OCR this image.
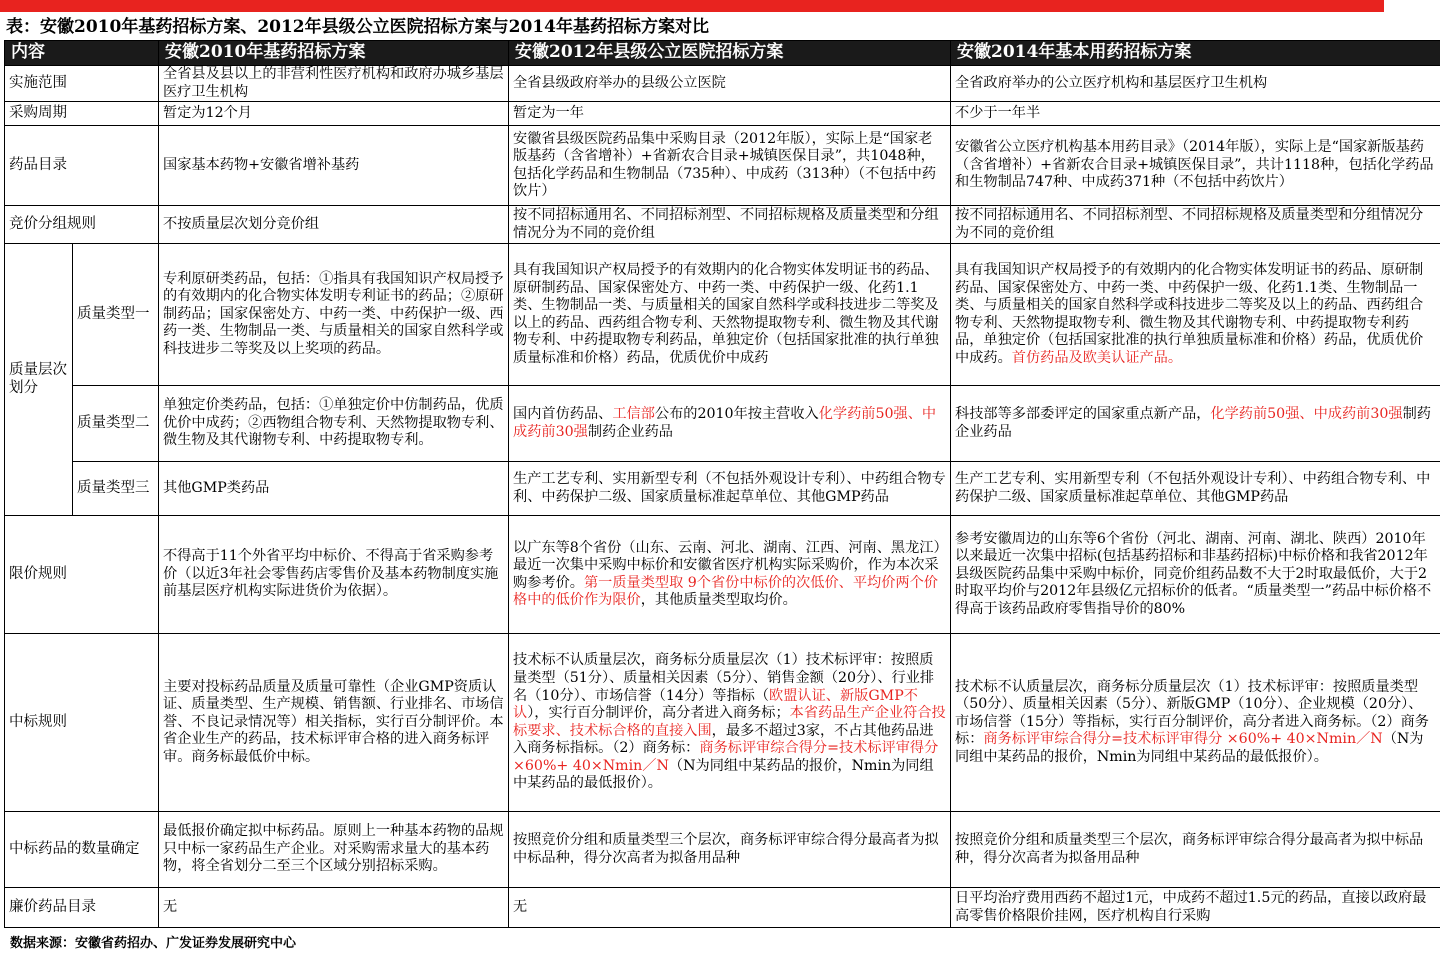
表：安徽2010年基药招标方案、2012年县级公立医院招标方案与2014年基药招标方案对比
内容		安徽2010年基药招标方案	安徽2012年县级公立医院招标方案	安徽2014年基本用药招标方案
实施范围		全省县及县以上的非营利性医疗机构和政府办城乡基层医疗卫生机构	全省县级政府举办的县级公立医院	全省政府举办的公立医疗机构和基层医疗卫生机构
采购周期		暂定为12个月	暂定为一年	不少于一年半
药品目录		国家基本药物+安徽省增补基药	安徽省县级医院药品集中采购目录（2012年版），实际上是“国家老版基药（含省增补）+省新农合目录+城镇医保目录”，共1048种，包括化学药品和生物制品（735种）、中成药（313种）（不包括中药饮片）	安徽省公立医疗机构基本用药目录》（2014年版），实际上是“国家新版基药（含省增补）+省新农合目录+城镇医保目录”，共计1118种，包括化学药品和生物制品747种、中成药371种（不包括中药饮片）
竞价分组规则		不按质量层次划分竞价组	按不同招标通用名、不同招标剂型、不同招标规格及质量类型和分组情况分为不同的竞价组	按不同招标通用名、不同招标剂型、不同招标规格及质量类型和分组情况分为不同的竞价组
质量层次划分	质量类型一	专利原研类药品，包括：①指具有我国知识产权局授予的有效期内的化合物实体发明专利证书的药品；②原研制药品；国家保密处方、中药一类、中药保护一级、西药一类、生物制品一类、与质量相关的国家自然科学或科技进步二等奖及以上奖项的药品。	具有我国知识产权局授予的有效期内的化合物实体发明证书的药品、原研制药品、国家保密处方、中药一类、中药保护一级、化药1.1类、生物制品一类、与质量相关的国家自然科学或科技进步二等奖及以上的药品、西药组合物专利、天然物提取物专利、微生物及其代谢物专利、中药提取物专利药品，单独定价（包括国家批准的执行单独质量标准和价格）药品，优质优价中成药	具有我国知识产权局授予的有效期内的化合物实体发明证书的药品、原研制药品、国家保密处方、中药一类、中药保护一级、化药1.1类、生物制品一类、与质量相关的国家自然科学或科技进步二等奖及以上的药品、西药组合物专利、天然物提取物专利、微生物及其代谢物专利、中药提取物专利药品，单独定价（包括国家批准的执行单独质量标准和价格）药品，优质优价中成药。首仿药品及欧美认证产品。
	质量类型二	单独定价类药品，包括：①单独定价中仿制药品，优质优价中成药；②西物组合物专利、天然物提取物专利、微生物及其代谢物专利、中药提取物专利。	国内首仿药品、工信部公布的2010年按主营收入化学药前50强、中成药前30强制药企业药品	科技部等多部委评定的国家重点新产品，化学药前50强、中成药前30强制药企业药品
	质量类型三	其他GMP类药品	生产工艺专利、实用新型专利（不包括外观设计专利）、中药组合物专利、中药保护二级、国家质量标准起草单位、其他GMP药品	生产工艺专利、实用新型专利（不包括外观设计专利）、中药组合物专利、中药保护二级、国家质量标准起草单位、其他GMP药品
限价规则		不得高于11个外省平均中标价、不得高于省采购参考价（以近3年社会零售药店零售价及基本药物制度实施前基层医疗机构实际进货价为依据）。	以广东等8个省份（山东、云南、河北、湖南、江西、河南、黑龙江）最近一次集中采购中标价和安徽省医疗机构实际采购价，作为本次采购参考价。第一质量类型取 9个省份中标价的次低价、平均价两个价格中的低价作为限价，其他质量类型取均价。	参考安徽周边的山东等6个省份（河北、湖南、河南、湖北、陕西）2010年以来最近一次集中招标(包括基药招标和非基药招标)中标价格和我省2012年县级医院药品集中采购中标价，同竞价组药品数不大于2时取最低价，大于2时取平均价与2012年县级亿元招标价的低者。“质量类型一”药品中标价格不得高于该药品政府零售指导价的80%
中标规则		主要对投标药品质量及质量可靠性（企业GMP资质认证、质量类型、生产规模、销售额、行业排名、市场信誉、不良记录情况等）相关指标，实行百分制评价。本省企业生产的药品，技术标评审合格的进入商务标评审。商务标最低价中标。	技术标不认质量层次，商务标分质量层次（1）技术标评审：按照质量类型（51分）、质量相关因素（5分）、销售金额（20分）、行业排名（10分）、市场信誉（14分）等指标（欧盟认证、新版GMP不认），实行百分制评价，高分者进入商务标；本省药品生产企业符合投标要求、技术标合格的直接入围，最多不超过3家，不占其他药品进入商务标指标。（2）商务标：商务标评审综合得分=技术标评审得分 ×60%+ 40×Nmin／N（N为同组中某药品的报价，Nmin为同组中某药品的最低报价）。	技术标不认质量层次，商务标分质量层次（1）技术标评审：按照质量类型（50分）、质量相关因素（5分）、新版GMP（10分）、企业规模（20分）、市场信誉（15分）等指标，实行百分制评价，高分者进入商务标。（2）商务标：商务标评审综合得分=技术标评审得分 ×60%+ 40×Nmin／N（N为同组中某药品的报价，Nmin为同组中某药品的最低报价）。
中标药品的数量确定		最低报价确定拟中标药品。原则上一种基本药物的品规只中标一家药品生产企业。对采购需求量大的基本药物，将全省划分二至三个区域分别招标采购。	按照竞价分组和质量类型三个层次，商务标评审综合得分最高者为拟中标品种，得分次高者为拟备用品种	按照竞价分组和质量类型三个层次，商务标评审综合得分最高者为拟中标品种，得分次高者为拟备用品种
廉价药品目录		无	无	日平均治疗费用西药不超过1元，中成药不超过1.5元的药品，直接以政府最高零售价格限价挂网，医疗机构自行采购
数据来源：安徽省药招办、广发证券发展研究中心
